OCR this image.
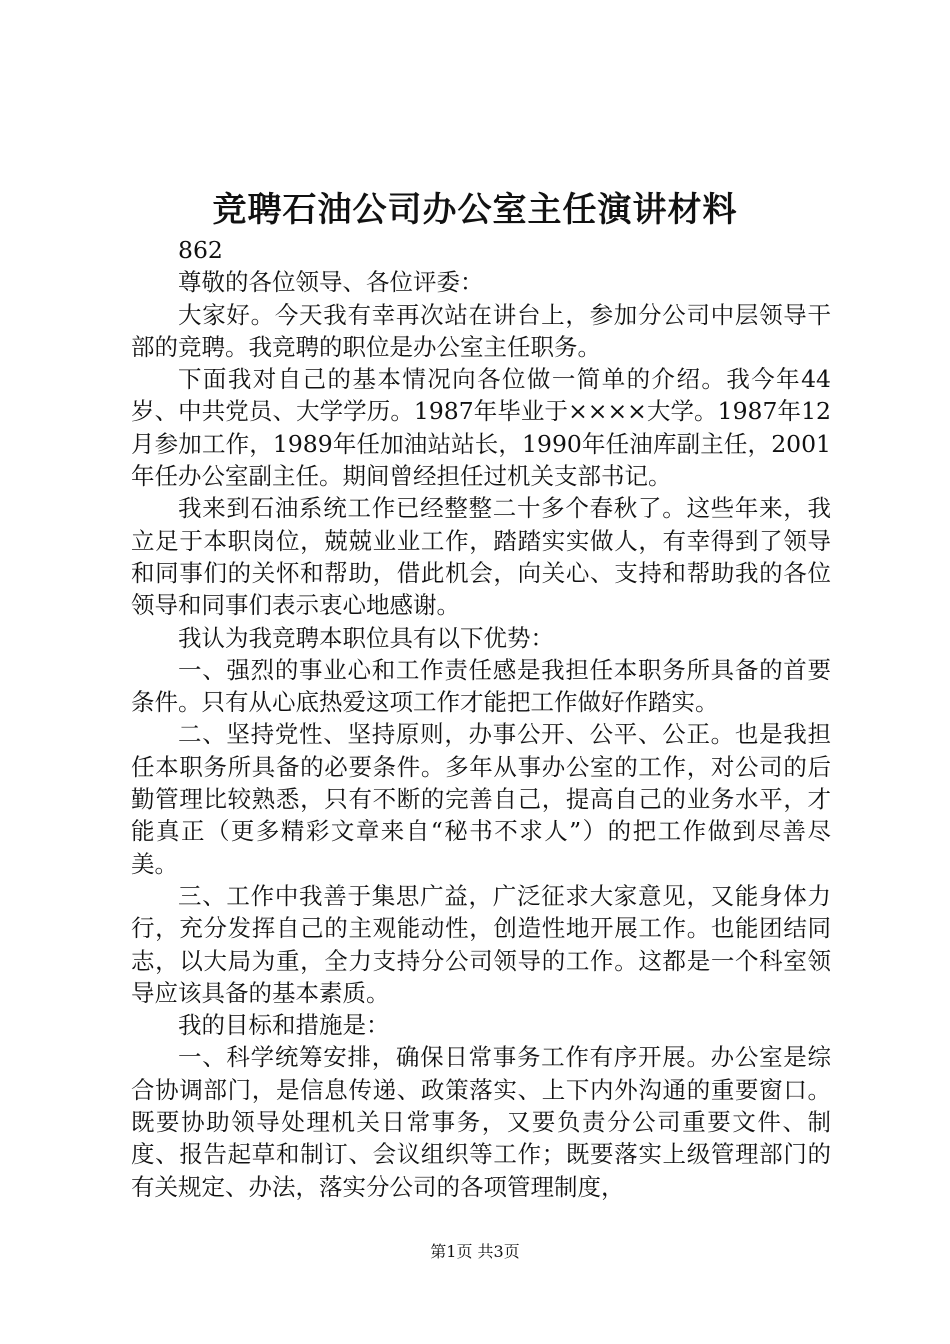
竞聘石油公司办公室主任演讲材料

862

尊敬的各位领导、各位评委：

大家好。今天我有幸再次站在讲台上，参加分公司中层领导干部的竞聘。我竞聘的职位是办公室主任职务。

下面我对自己的基本情况向各位做一简单的介绍。我今年44岁、中共党员、大学学历。1987年毕业于××××大学。1987年12月参加工作，1989年任加油站站长，1990年任油库副主任，2001年任办公室副主任。期间曾经担任过机关支部书记。

我来到石油系统工作已经整整二十多个春秋了。这些年来，我立足于本职岗位，兢兢业业工作，踏踏实实做人，有幸得到了领导和同事们的关怀和帮助，借此机会，向关心、支持和帮助我的各位领导和同事们表示衷心地感谢。

我认为我竞聘本职位具有以下优势：

一、强烈的事业心和工作责任感是我担任本职务所具备的首要条件。只有从心底热爱这项工作才能把工作做好作踏实。

二、坚持党性、坚持原则，办事公开、公平、公正。也是我担任本职务所具备的必要条件。多年从事办公室的工作，对公司的后勤管理比较熟悉，只有不断的完善自己，提高自己的业务水平，才能真正（更多精彩文章来自“秘书不求人”）的把工作做到尽善尽美。

三、工作中我善于集思广益，广泛征求大家意见，又能身体力行，充分发挥自己的主观能动性，创造性地开展工作。也能团结同志，以大局为重，全力支持分公司领导的工作。这都是一个科室领导应该具备的基本素质。

我的目标和措施是：

一、科学统筹安排，确保日常事务工作有序开展。办公室是综合协调部门，是信息传递、政策落实、上下内外沟通的重要窗口。既要协助领导处理机关日常事务，又要负责分公司重要文件、制度、报告起草和制订、会议组织等工作；既要落实上级管理部门的有关规定、办法，落实分公司的各项管理制度，

第1页 共3页
